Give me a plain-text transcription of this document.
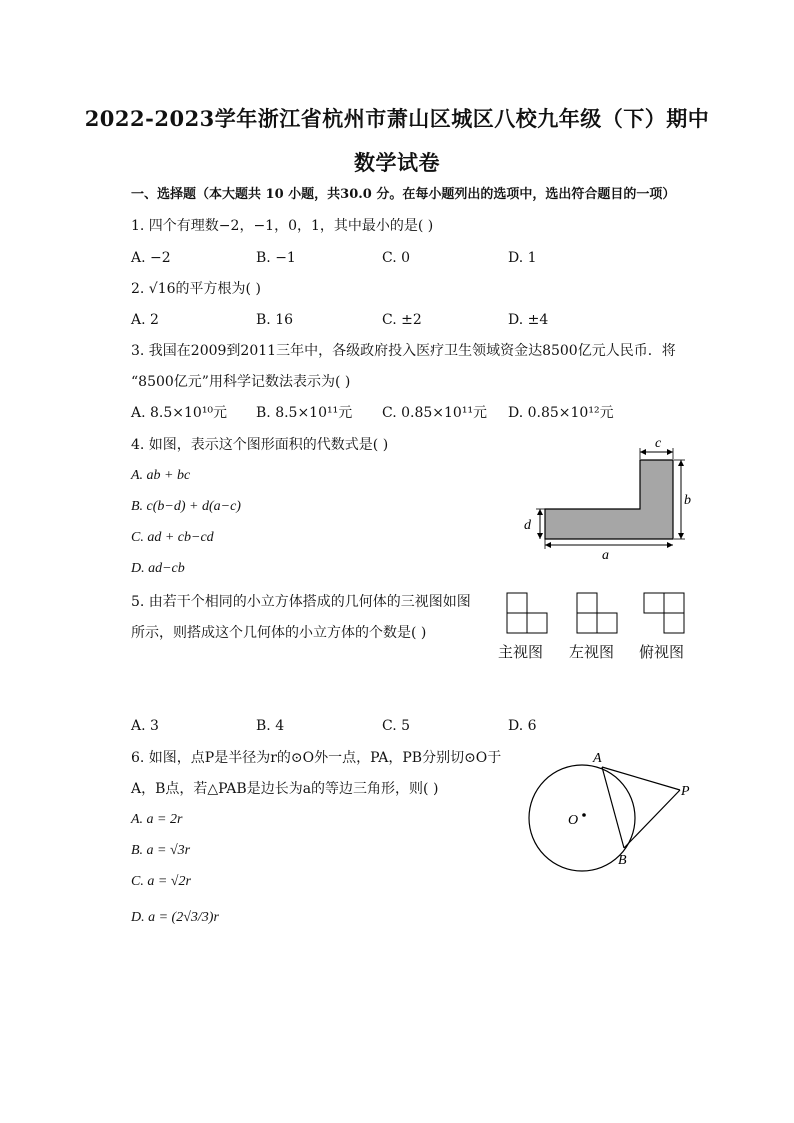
2022-2023学年浙江省杭州市萧山区城区八校九年级（下）期中
数学试卷
一、选择题（本大题共 10 小题，共30.0 分。在每小题列出的选项中，选出符合题目的一项）
1. 四个有理数−2，−1，0，1，其中最小的是( )
A. −2	B. −1	C. 0	D. 1
2. √16的平方根为( )
A. 2	B. 16	C. ±2	D. ±4
3. 我国在2009到2011三年中，各级政府投入医疗卫生领域资金达8500亿元人民币．将
“8500亿元”用科学记数法表示为( )
A. 8.5×10¹⁰元 B. 8.5×10¹¹元 C. 0.85×10¹¹元 D. 0.85×10¹²元
4. 如图，表示这个图形面积的代数式是( )
A. ab + bc
B. c(b−d) + d(a−c)
C. ad + cb−cd
D. ad−cb
c
b
d
a
5. 由若干个相同的小立方体搭成的几何体的三视图如图
所示，则搭成这个几何体的小立方体的个数是( )
主视图 左视图 俯视图
A. 3	B. 4	C. 5	D. 6
6. 如图，点P是半径为r的⊙O外一点，PA，PB分别切⊙O于
A，B点，若△PAB是边长为a的等边三角形，则( )
A. a = 2r
B. a = √3r
C. a = √2r
D. a = (2√3/3)r
A
P
O
B
